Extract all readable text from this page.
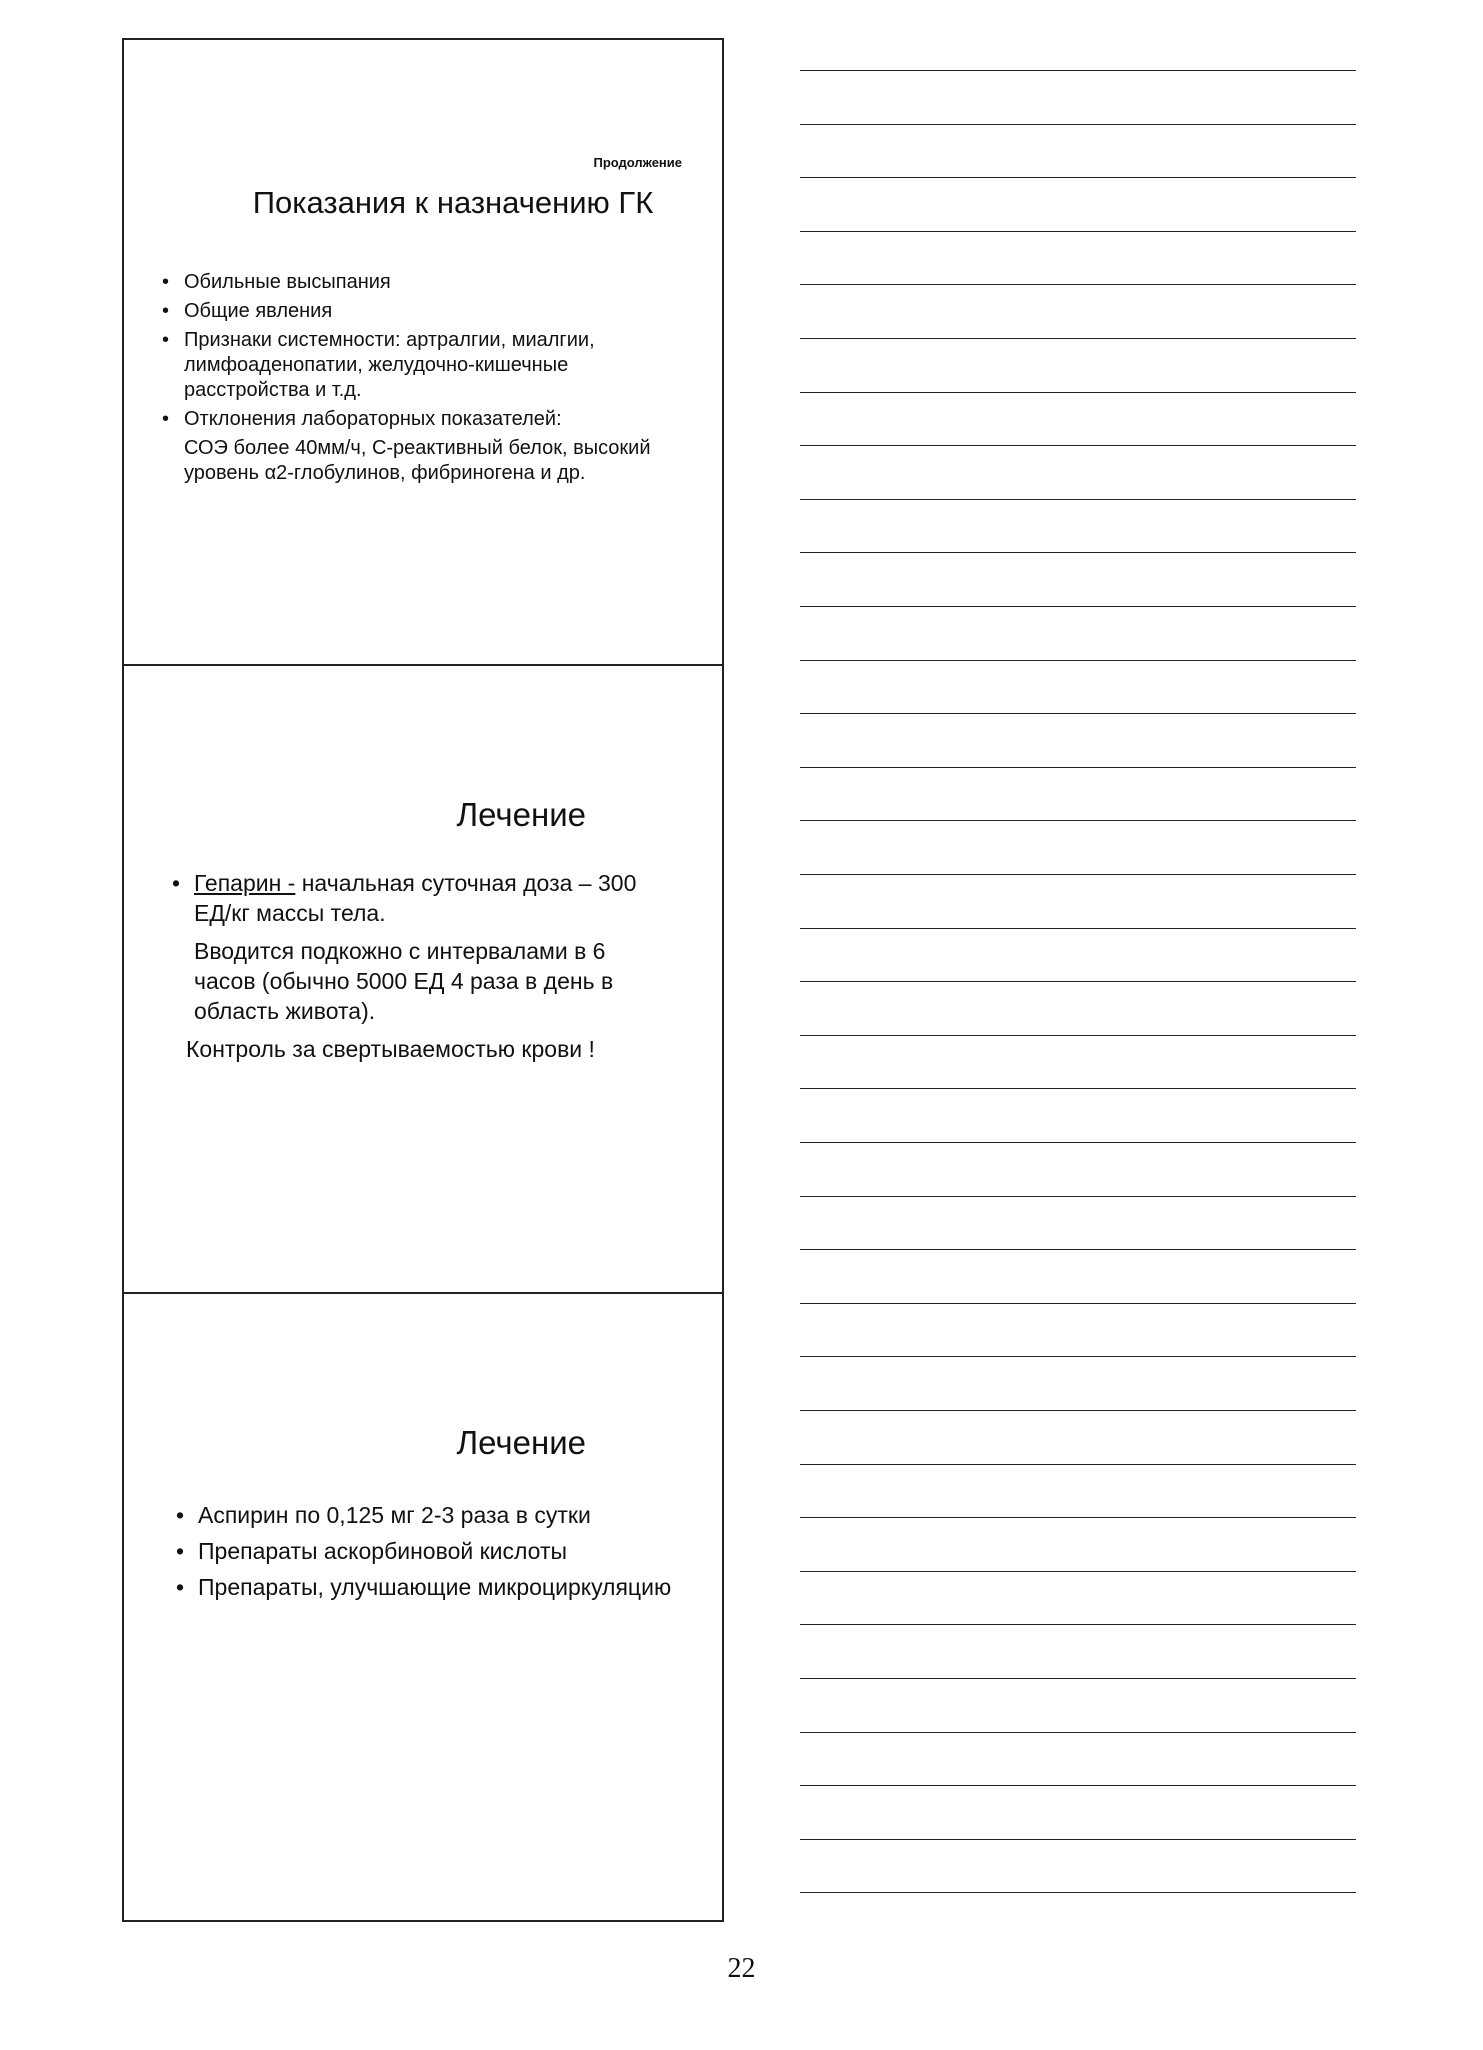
Продолжение
Показания к назначению ГК
• Обильные высыпания
• Общие явления
• Признаки системности: артралгии, миалгии, лимфоаденопатии, желудочно-кишечные расстройства и т.д.
• Отклонения лабораторных показателей:
СОЭ более 40мм/ч, С-реактивный белок, высокий уровень α2-глобулинов, фибриногена и др.
Лечение
• Гепарин - начальная суточная доза – 300 ЕД/кг массы тела.
Вводится подкожно с интервалами в 6 часов (обычно 5000 ЕД 4 раза в день в область живота).
Контроль за свертываемостью крови !
Лечение
• Аспирин по 0,125 мг 2-3 раза в сутки
• Препараты аскорбиновой кислоты
• Препараты, улучшающие микроциркуляцию
22
